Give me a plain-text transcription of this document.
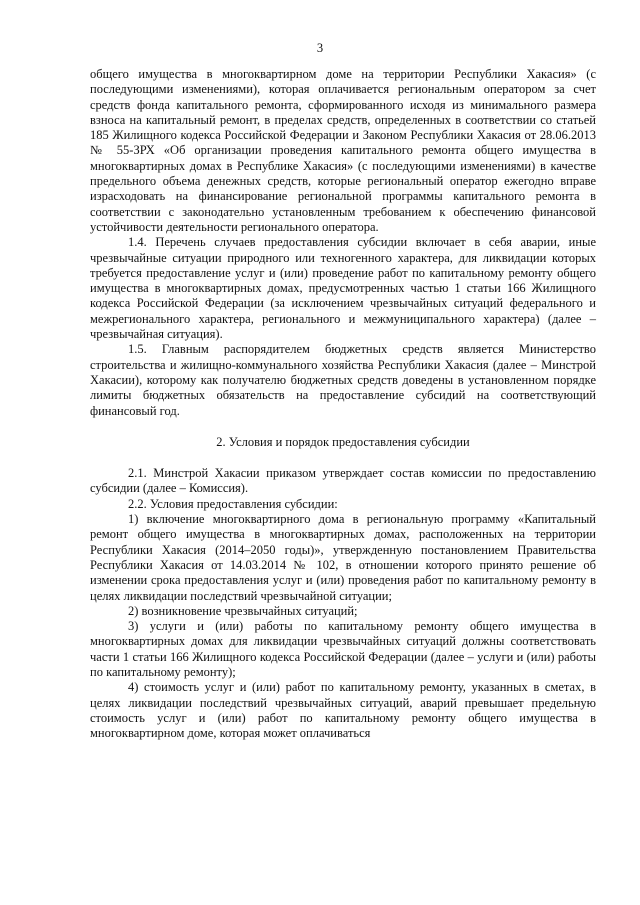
3

общего имущества в многоквартирном доме на территории Республики Хакасия» (с последующими изменениями), которая оплачивается региональным оператором за счет средств фонда капитального ремонта, сформированного исходя из минимального размера взноса на капитальный ремонт, в пределах средств, определенных в соответствии со статьей 185 Жилищного кодекса Российской Федерации и Законом Республики Хакасия от 28.06.2013 № 55-ЗРХ «Об организации проведения капитального ремонта общего имущества в многоквартирных домах в Республике Хакасия» (с последующими изменениями) в качестве предельного объема денежных средств, которые региональный оператор ежегодно вправе израсходовать на финансирование региональной программы капитального ремонта в соответствии с законодательно установленным требованием к обеспечению финансовой устойчивости деятельности регионального оператора.

1.4. Перечень случаев предоставления субсидии включает в себя аварии, иные чрезвычайные ситуации природного или техногенного характера, для ликвидации которых требуется предоставление услуг и (или) проведение работ по капитальному ремонту общего имущества в многоквартирных домах, предусмотренных частью 1 статьи 166 Жилищного кодекса Российской Федерации (за исключением чрезвычайных ситуаций федерального и межрегионального характера, регионального и межмуниципального характера) (далее – чрезвычайная ситуация).

1.5. Главным распорядителем бюджетных средств является Министерство строительства и жилищно-коммунального хозяйства Республики Хакасия (далее – Минстрой Хакасии), которому как получателю бюджетных средств доведены в установленном порядке лимиты бюджетных обязательств на предоставление субсидий на соответствующий финансовый год.

2. Условия и порядок предоставления субсидии

2.1. Минстрой Хакасии приказом утверждает состав комиссии по предоставлению субсидии (далее – Комиссия).

2.2. Условия предоставления субсидии:

1) включение многоквартирного дома в региональную программу «Капитальный ремонт общего имущества в многоквартирных домах, расположенных на территории Республики Хакасия (2014–2050 годы)», утвержденную постановлением Правительства Республики Хакасия от 14.03.2014 № 102, в отношении которого принято решение об изменении срока предоставления услуг и (или) проведения работ по капитальному ремонту в целях ликвидации последствий чрезвычайной ситуации;

2) возникновение чрезвычайных ситуаций;

3) услуги и (или) работы по капитальному ремонту общего имущества в многоквартирных домах для ликвидации чрезвычайных ситуаций должны соответствовать части 1 статьи 166 Жилищного кодекса Российской Федерации (далее – услуги и (или) работы по капитальному ремонту);

4) стоимость услуг и (или) работ по капитальному ремонту, указанных в сметах, в целях ликвидации последствий чрезвычайных ситуаций, аварий превышает предельную стоимость услуг и (или) работ по капитальному ремонту общего имущества в многоквартирном доме, которая может оплачиваться
